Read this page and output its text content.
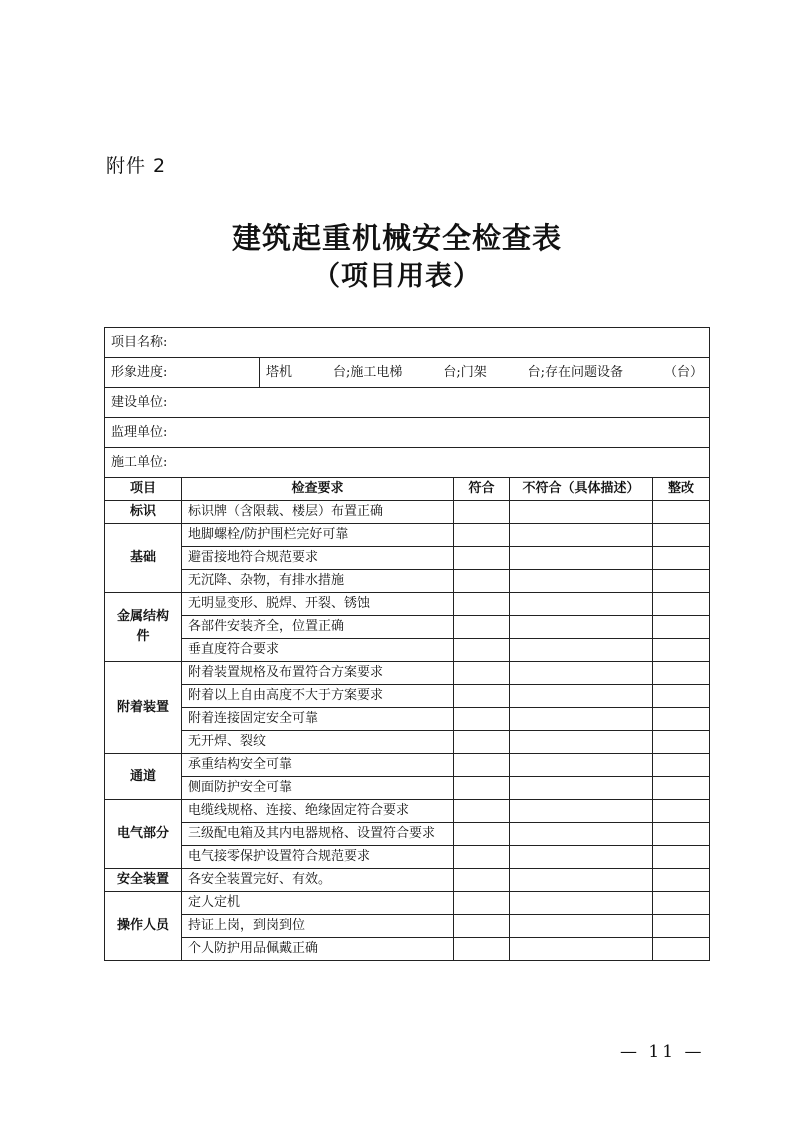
附件 2
建筑起重机械安全检查表
（项目用表）
项目名称:					
形象进度:		塔机 台;施工电梯 台;门架 台;存在问题设备 （台）			

建设单位:					
监理单位:					
施工单位:					
项目	检查要求		符合	不符合（具体描述）	整改
标识	标识牌（含限载、楼层）布置正确				
基础	地脚螺栓/防护围栏完好可靠				
	避雷接地符合规范要求				
	无沉降、杂物，有排水措施				
金属结构件	无明显变形、脱焊、开裂、锈蚀				
	各部件安装齐全，位置正确				
	垂直度符合要求				
附着装置	附着装置规格及布置符合方案要求				
	附着以上自由高度不大于方案要求				
	附着连接固定安全可靠				
	无开焊、裂纹				
通道	承重结构安全可靠				
	侧面防护安全可靠				
电气部分	电缆线规格、连接、绝缘固定符合要求				
	三级配电箱及其内电器规格、设置符合要求				
	电气接零保护设置符合规范要求				
安全装置	各安全装置完好、有效。				
操作人员	定人定机				
	持证上岗，到岗到位				
	个人防护用品佩戴正确				
— 11 —
